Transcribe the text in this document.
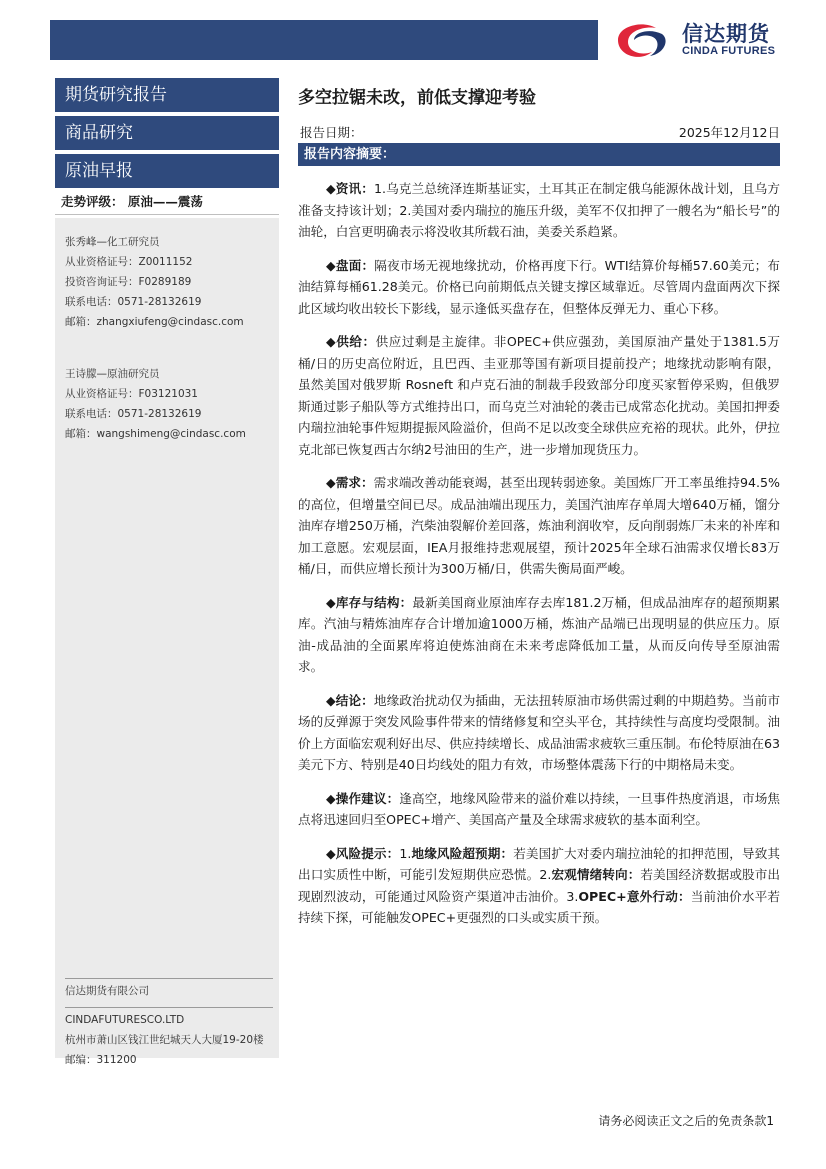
信达期货
CINDA FUTURES
期货研究报告
商品研究
原油早报
走势评级： 原油——震荡
张秀峰—化工研究员
从业资格证号：Z0011152
投资咨询证号：F0289189
联系电话：0571-28132619
邮箱：zhangxiufeng@cindasc.com
王诗朦—原油研究员
从业资格证号：F03121031
联系电话：0571-28132619
邮箱：wangshimeng@cindasc.com
信达期货有限公司
CINDAFUTURESCO.LTD
杭州市萧山区钱江世纪城天人大厦19-20楼
邮编：311200
多空拉锯未改，前低支撑迎考验
报告日期：	2025年12月12日
报告内容摘要：

◆资讯：1.乌克兰总统泽连斯基证实，土耳其正在制定俄乌能源休战计划，且乌方准备支持该计划；2.美国对委内瑞拉的施压升级，美军不仅扣押了一艘名为“船长号”的油轮，白宫更明确表示将没收其所载石油，美委关系趋紧。

◆盘面：隔夜市场无视地缘扰动，价格再度下行。WTI结算价每桶57.60美元；布油结算每桶61.28美元。价格已向前期低点关键支撑区域靠近。尽管周内盘面两次下探此区域均收出较长下影线，显示逢低买盘存在，但整体反弹无力、重心下移。

◆供给：供应过剩是主旋律。非OPEC+供应强劲，美国原油产量处于1381.5万桶/日的历史高位附近，且巴西、圭亚那等国有新项目提前投产；地缘扰动影响有限，虽然美国对俄罗斯 Rosneft 和卢克石油的制裁手段致部分印度买家暂停采购，但俄罗斯通过影子船队等方式维持出口，而乌克兰对油轮的袭击已成常态化扰动。美国扣押委内瑞拉油轮事件短期提振风险溢价，但尚不足以改变全球供应充裕的现状。此外，伊拉克北部已恢复西古尔纳2号油田的生产，进一步增加现货压力。

◆需求：需求端改善动能衰竭，甚至出现转弱迹象。美国炼厂开工率虽维持94.5%的高位，但增量空间已尽。成品油端出现压力，美国汽油库存单周大增640万桶，馏分油库存增250万桶，汽柴油裂解价差回落，炼油利润收窄，反向削弱炼厂未来的补库和加工意愿。宏观层面，IEA月报维持悲观展望，预计2025年全球石油需求仅增长83万桶/日，而供应增长预计为300万桶/日，供需失衡局面严峻。

◆库存与结构：最新美国商业原油库存去库181.2万桶，但成品油库存的超预期累库。汽油与精炼油库存合计增加逾1000万桶，炼油产品端已出现明显的供应压力。原油-成品油的全面累库将迫使炼油商在未来考虑降低加工量，从而反向传导至原油需求。

◆结论：地缘政治扰动仅为插曲，无法扭转原油市场供需过剩的中期趋势。当前市场的反弹源于突发风险事件带来的情绪修复和空头平仓，其持续性与高度均受限制。油价上方面临宏观利好出尽、供应持续增长、成品油需求疲软三重压制。布伦特原油在63美元下方、特别是40日均线处的阻力有效，市场整体震荡下行的中期格局未变。

◆操作建议：逢高空，地缘风险带来的溢价难以持续，一旦事件热度消退，市场焦点将迅速回归至OPEC+增产、美国高产量及全球需求疲软的基本面利空。

◆风险提示：1.地缘风险超预期：若美国扩大对委内瑞拉油轮的扣押范围，导致其出口实质性中断，可能引发短期供应恐慌。2.宏观情绪转向：若美国经济数据或股市出现剧烈波动，可能通过风险资产渠道冲击油价。3.OPEC+意外行动：当前油价水平若持续下探，可能触发OPEC+更强烈的口头或实质干预。

请务必阅读正文之后的免责条款1
